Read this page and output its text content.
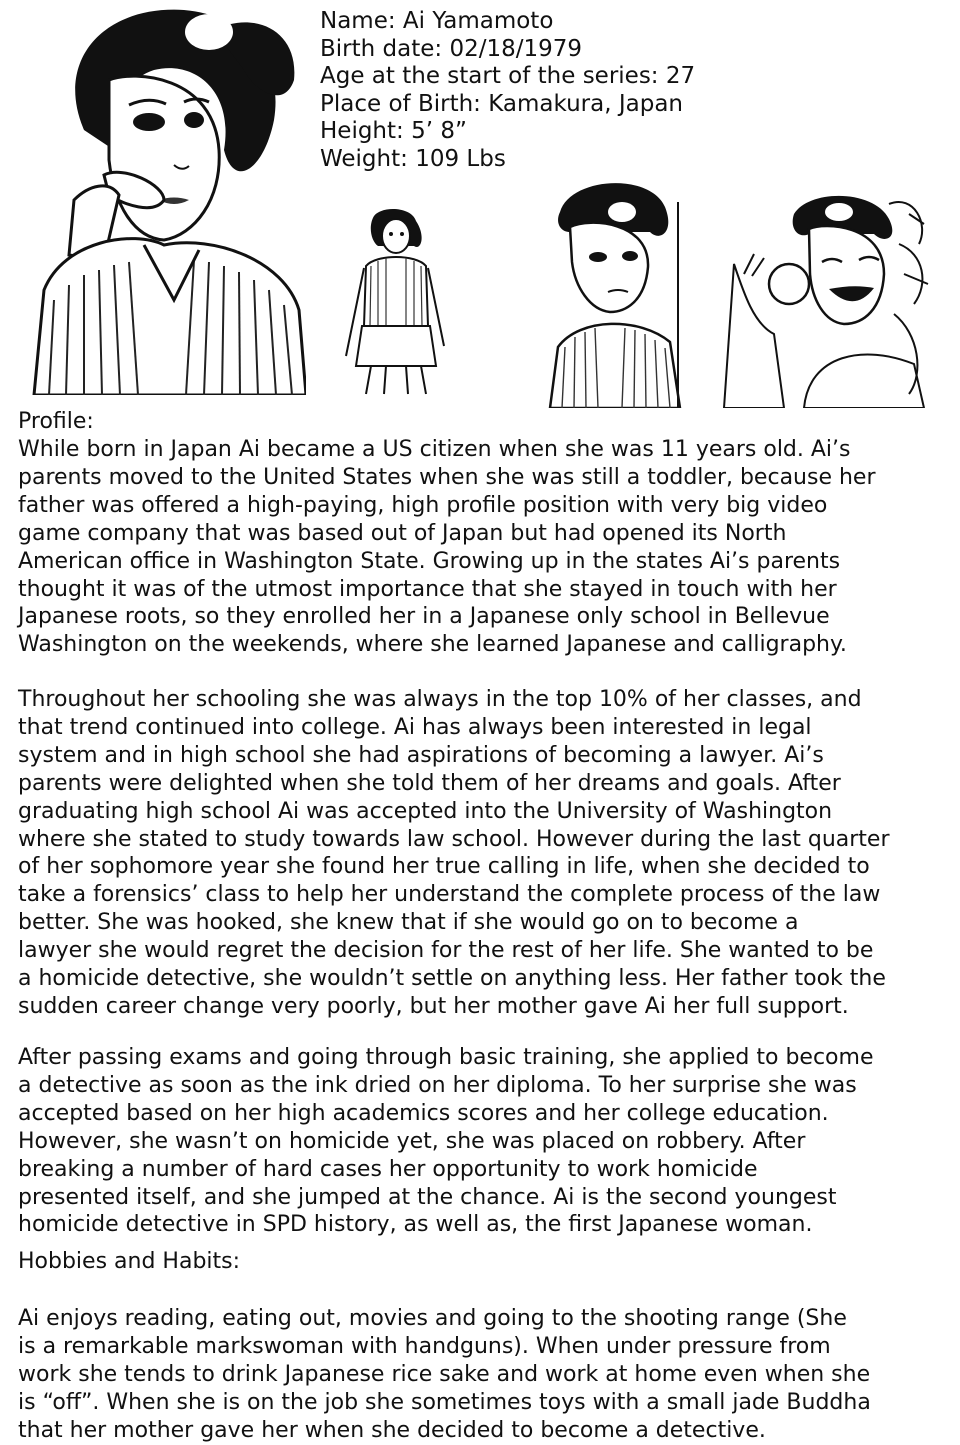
Name: Ai Yamamoto
Birth date: 02/18/1979
Age at the start of the series: 27
Place of Birth: Kamakura, Japan
Height: 5’ 8”
Weight: 109 Lbs
Profile:
While born in Japan Ai became a US citizen when she was 11 years old. Ai’s
parents moved to the United States when she was still a toddler, because her
father was offered a high-paying, high profile position with very big video
game company that was based out of Japan but had opened its North
American office in Washington State. Growing up in the states Ai’s parents
thought it was of the utmost importance that she stayed in touch with her
Japanese roots, so they enrolled her in a Japanese only school in Bellevue
Washington on the weekends, where she learned Japanese and calligraphy.
Throughout her schooling she was always in the top 10% of her classes, and
that trend continued into college. Ai has always been interested in legal
system and in high school she had aspirations of becoming a lawyer. Ai’s
parents were delighted when she told them of her dreams and goals. After
graduating high school Ai was accepted into the University of Washington
where she stated to study towards law school. However during the last quarter
of her sophomore year she found her true calling in life, when she decided to
take a forensics’ class to help her understand the complete process of the law
better. She was hooked, she knew that if she would go on to become a
lawyer she would regret the decision for the rest of her life. She wanted to be
a homicide detective, she wouldn’t settle on anything less. Her father took the
sudden career change very poorly, but her mother gave Ai her full support.
After passing exams and going through basic training, she applied to become
a detective as soon as the ink dried on her diploma. To her surprise she was
accepted based on her high academics scores and her college education.
However, she wasn’t on homicide yet, she was placed on robbery. After
breaking a number of hard cases her opportunity to work homicide
presented itself, and she jumped at the chance. Ai is the second youngest
homicide detective in SPD history, as well as, the first Japanese woman.
Hobbies and Habits:
Ai enjoys reading, eating out, movies and going to the shooting range (She
is a remarkable markswoman with handguns). When under pressure from
work she tends to drink Japanese rice sake and work at home even when she
is “off”. When she is on the job she sometimes toys with a small jade Buddha
that her mother gave her when she decided to become a detective.
